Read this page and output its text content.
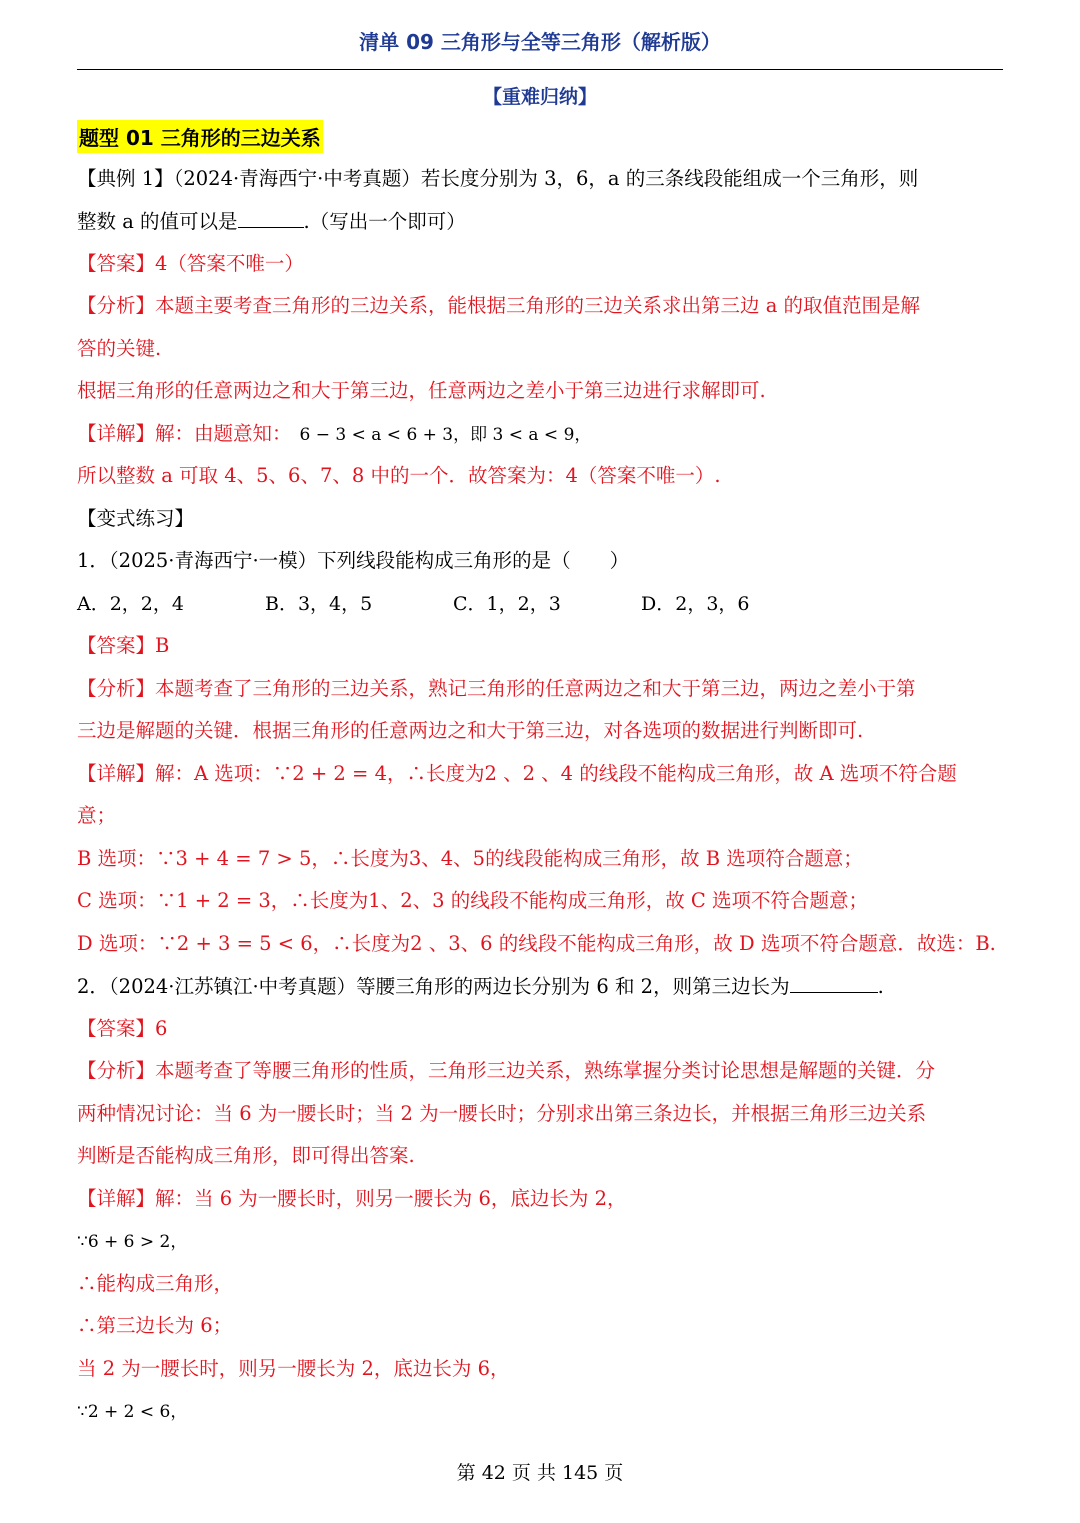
清单 09 三角形与全等三角形（解析版）
【重难归纳】
题型 01 三角形的三边关系
【典例 1】（2024·青海西宁·中考真题）若长度分别为 3，6，a 的三条线段能组成一个三角形，则
整数 a 的值可以是	.（写出一个即可）
【答案】4（答案不唯一）
【分析】本题主要考查三角形的三边关系，能根据三角形的三边关系求出第三边 a 的取值范围是解
答的关键.
根据三角形的任意两边之和大于第三边，任意两边之差小于第三边进行求解即可.
【详解】解：由题意知： 6 − 3 < a < 6 + 3，即 3 < a < 9，
所以整数 a 可取 4、5、6、7、8 中的一个．故答案为：4（答案不唯一）.
【变式练习】
1．（2025·青海西宁·一模）下列线段能构成三角形的是（　　）
A．2，2，4	B．3，4，5	C．1，2，3	D．2，3，6
【答案】B
【分析】本题考查了三角形的三边关系，熟记三角形的任意两边之和大于第三边，两边之差小于第
三边是解题的关键．根据三角形的任意两边之和大于第三边，对各选项的数据进行判断即可.
【详解】解：A 选项：∵2 + 2 = 4，∴长度为2 、2 、4 的线段不能构成三角形，故 A 选项不符合题
意；
B 选项：∵3 + 4 = 7 > 5，∴长度为3、4、5的线段能构成三角形，故 B 选项符合题意；
C 选项：∵1 + 2 = 3，∴长度为1、2、3 的线段不能构成三角形，故 C 选项不符合题意；
D 选项：∵2 + 3 = 5 < 6，∴长度为2 、3、6 的线段不能构成三角形，故 D 选项不符合题意．故选：B.
2．（2024·江苏镇江·中考真题）等腰三角形的两边长分别为 6 和 2，则第三边长为	.
【答案】6
【分析】本题考查了等腰三角形的性质，三角形三边关系，熟练掌握分类讨论思想是解题的关键．分
两种情况讨论：当 6 为一腰长时；当 2 为一腰长时；分别求出第三条边长，并根据三角形三边关系
判断是否能构成三角形，即可得出答案.
【详解】解：当 6 为一腰长时，则另一腰长为 6，底边长为 2，
∵6 + 6 > 2，
∴能构成三角形，
∴第三边长为 6；
当 2 为一腰长时，则另一腰长为 2，底边长为 6，
∵2 + 2 < 6，
第 42 页 共 145 页
